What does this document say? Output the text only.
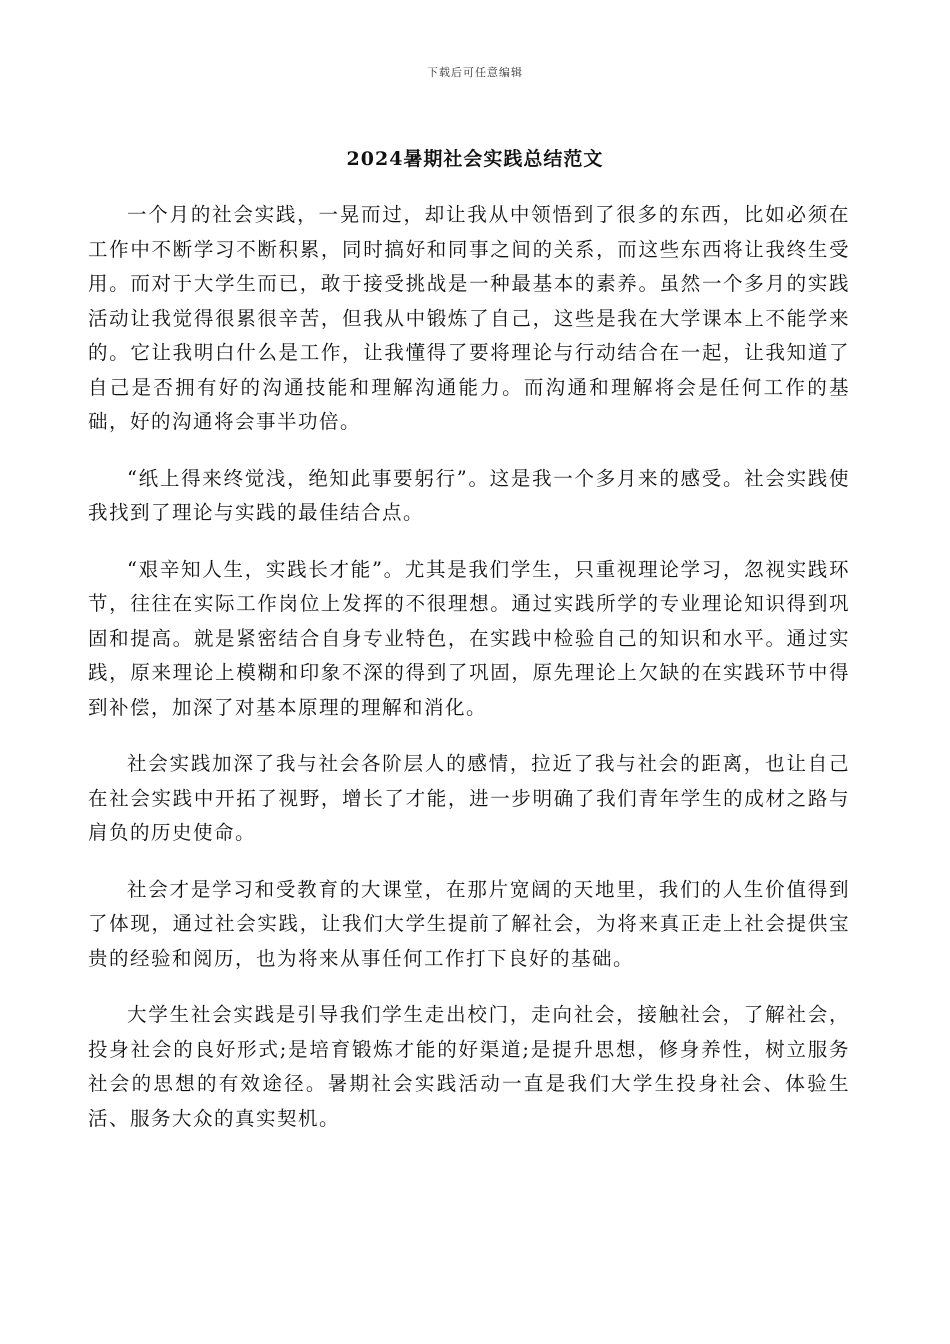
下载后可任意编辑
2024暑期社会实践总结范文

一个月的社会实践，一晃而过，却让我从中领悟到了很多的东西，比如必须在工作中不断学习不断积累，同时搞好和同事之间的关系，而这些东西将让我终生受用。而对于大学生而已，敢于接受挑战是一种最基本的素养。虽然一个多月的实践活动让我觉得很累很辛苦，但我从中锻炼了自己，这些是我在大学课本上不能学来的。它让我明白什么是工作，让我懂得了要将理论与行动结合在一起，让我知道了自己是否拥有好的沟通技能和理解沟通能力。而沟通和理解将会是任何工作的基础，好的沟通将会事半功倍。

“纸上得来终觉浅，绝知此事要躬行”。这是我一个多月来的感受。社会实践使我找到了理论与实践的最佳结合点。

“艰辛知人生，实践长才能”。尤其是我们学生，只重视理论学习，忽视实践环节，往往在实际工作岗位上发挥的不很理想。通过实践所学的专业理论知识得到巩固和提高。就是紧密结合自身专业特色，在实践中检验自己的知识和水平。通过实践，原来理论上模糊和印象不深的得到了巩固，原先理论上欠缺的在实践环节中得到补偿，加深了对基本原理的理解和消化。

社会实践加深了我与社会各阶层人的感情，拉近了我与社会的距离，也让自己在社会实践中开拓了视野，增长了才能，进一步明确了我们青年学生的成材之路与肩负的历史使命。

社会才是学习和受教育的大课堂，在那片宽阔的天地里，我们的人生价值得到了体现，通过社会实践，让我们大学生提前了解社会，为将来真正走上社会提供宝贵的经验和阅历，也为将来从事任何工作打下良好的基础。

大学生社会实践是引导我们学生走出校门，走向社会，接触社会，了解社会，投身社会的良好形式;是培育锻炼才能的好渠道;是提升思想，修身养性，树立服务社会的思想的有效途径。暑期社会实践活动一直是我们大学生投身社会、体验生活、服务大众的真实契机。
